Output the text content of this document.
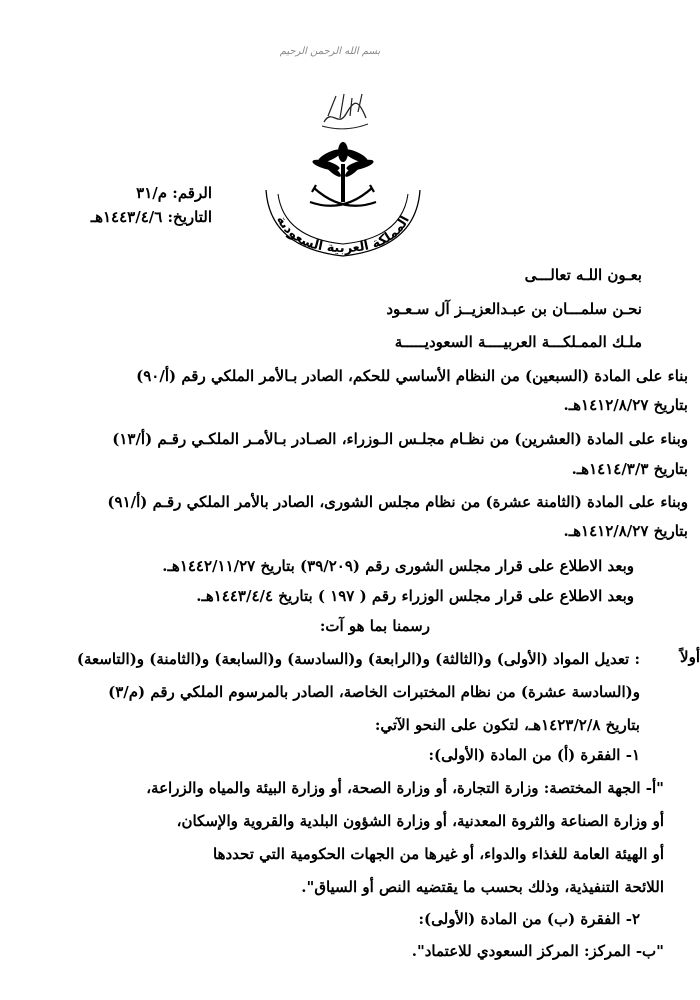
بسم الله الرحمن الرحيم
المملكة العربية السعودية
الرقم: م/٣١
التاريخ: ١٤٤٣/٤/٦هـ
بعـون اللـه تعالـــى
نحـن سلمـــان بن عبـدالعزيــز آل سـعـود
ملـك الممـلكـــة العربيــــة السعوديـــــة
بناء على المادة (السبعين) من النظام الأساسي للحكم، الصادر بـالأمر الملكي رقم (أ/٩٠)
بتاريخ ١٤١٢/٨/٢٧هـ.
وبناء على المادة (العشرين) من نظـام مجلـس الـوزراء، الصـادر بـالأمـر الملكـي رقـم (أ/١٣)
بتاريخ ١٤١٤/٣/٣هـ.
وبناء على المادة (الثامنة عشرة) من نظام مجلس الشورى، الصادر بالأمر الملكي رقـم (أ/٩١)
بتاريخ ١٤١٢/٨/٢٧هـ.
وبعد الاطلاع على قرار مجلس الشورى رقم (٣٩/٢٠٩) بتاريخ ١٤٤٢/١١/٢٧هـ.
وبعد الاطلاع على قرار مجلس الوزراء رقم ( ١٩٧ ) بتاريخ ١٤٤٣/٤/٤هـ.
رسمنا بما هو آت:
أولاً
: تعديل المواد (الأولى) و(الثالثة) و(الرابعة) و(السادسة) و(السابعة) و(الثامنة) و(التاسعة)
و(السادسة عشرة) من نظام المختبرات الخاصة، الصادر بالمرسوم الملكي رقم (م/٣)
بتاريخ ١٤٢٣/٢/٨هـ، لتكون على النحو الآتي:
١- الفقرة (أ) من المادة (الأولى):
"أ- الجهة المختصة: وزارة التجارة، أو وزارة الصحة، أو وزارة البيئة والمياه والزراعة،
أو وزارة الصناعة والثروة المعدنية، أو وزارة الشؤون البلدية والقروية والإسكان،
أو الهيئة العامة للغذاء والدواء، أو غيرها من الجهات الحكومية التي تحددها
اللائحة التنفيذية، وذلك بحسب ما يقتضيه النص أو السياق".
٢- الفقرة (ب) من المادة (الأولى):
"ب- المركز: المركز السعودي للاعتماد".
